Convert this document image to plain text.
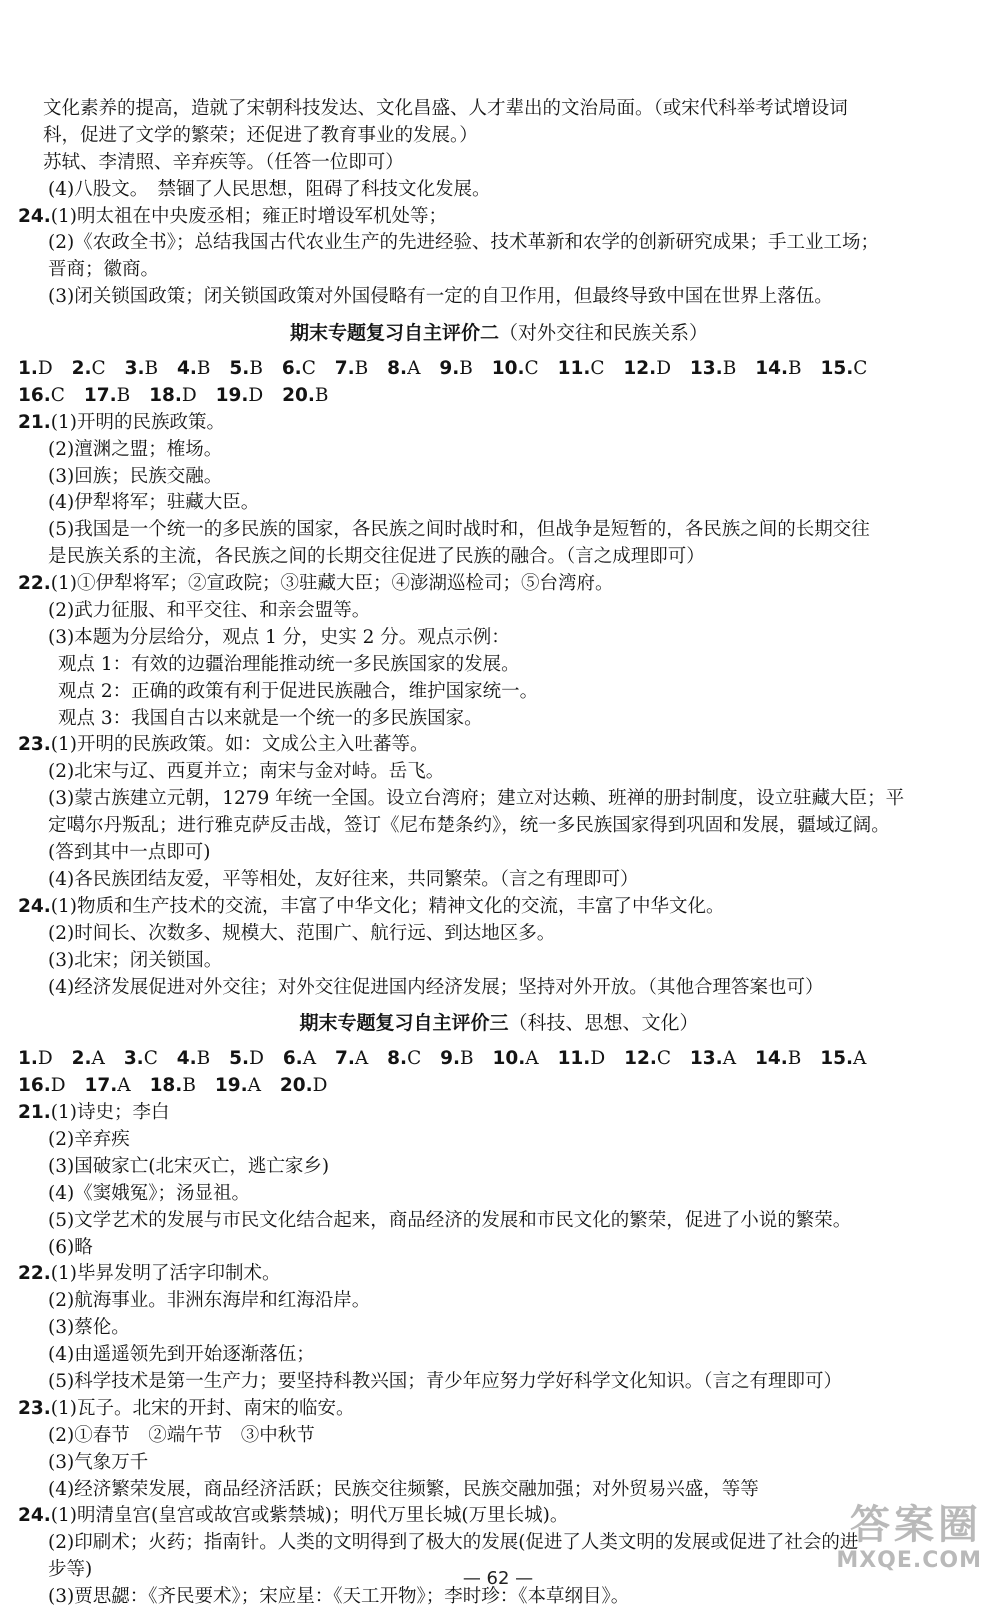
文化素养的提高，造就了宋朝科技发达、文化昌盛、人才辈出的文治局面。（或宋代科举考试增设词
科，促进了文学的繁荣；还促进了教育事业的发展。）
苏轼、李清照、辛弃疾等。（任答一位即可）
(4)八股文。　禁锢了人民思想，阻碍了科技文化发展。
24.(1)明太祖在中央废丞相；雍正时增设军机处等；
(2)《农政全书》；总结我国古代农业生产的先进经验、技术革新和农学的创新研究成果；手工业工场；
晋商；徽商。
(3)闭关锁国政策；闭关锁国政策对外国侵略有一定的自卫作用，但最终导致中国在世界上落伍。
期末专题复习自主评价二（对外交往和民族关系）
1.D 2.C 3.B 4.B 5.B 6.C 7.B 8.A 9.B 10.C 11.C 12.D 13.B 14.B 15.C
16.C 17.B 18.D 19.D 20.B
21.(1)开明的民族政策。
(2)澶渊之盟；榷场。
(3)回族；民族交融。
(4)伊犁将军；驻藏大臣。
(5)我国是一个统一的多民族的国家，各民族之间时战时和，但战争是短暂的，各民族之间的长期交往
是民族关系的主流，各民族之间的长期交往促进了民族的融合。（言之成理即可）
22.(1)①伊犁将军；②宣政院；③驻藏大臣；④澎湖巡检司；⑤台湾府。
(2)武力征服、和平交往、和亲会盟等。
(3)本题为分层给分，观点 1 分，史实 2 分。观点示例：
观点 1：有效的边疆治理能推动统一多民族国家的发展。
观点 2：正确的政策有利于促进民族融合，维护国家统一。
观点 3：我国自古以来就是一个统一的多民族国家。
23.(1)开明的民族政策。如：文成公主入吐蕃等。
(2)北宋与辽、西夏并立；南宋与金对峙。岳飞。
(3)蒙古族建立元朝，1279 年统一全国。设立台湾府；建立对达赖、班禅的册封制度，设立驻藏大臣；平
定噶尔丹叛乱；进行雅克萨反击战，签订《尼布楚条约》，统一多民族国家得到巩固和发展，疆域辽阔。
(答到其中一点即可)
(4)各民族团结友爱，平等相处，友好往来，共同繁荣。（言之有理即可）
24.(1)物质和生产技术的交流，丰富了中华文化；精神文化的交流，丰富了中华文化。
(2)时间长、次数多、规模大、范围广、航行远、到达地区多。
(3)北宋；闭关锁国。
(4)经济发展促进对外交往；对外交往促进国内经济发展；坚持对外开放。（其他合理答案也可）
期末专题复习自主评价三（科技、思想、文化）
1.D 2.A 3.C 4.B 5.D 6.A 7.A 8.C 9.B 10.A 11.D 12.C 13.A 14.B 15.A
16.D 17.A 18.B 19.A 20.D
21.(1)诗史；李白
(2)辛弃疾
(3)国破家亡(北宋灭亡，逃亡家乡)
(4)《窦娥冤》；汤显祖。
(5)文学艺术的发展与市民文化结合起来，商品经济的发展和市民文化的繁荣，促进了小说的繁荣。
(6)略
22.(1)毕昇发明了活字印制术。
(2)航海事业。非洲东海岸和红海沿岸。
(3)蔡伦。
(4)由遥遥领先到开始逐渐落伍；
(5)科学技术是第一生产力；要坚持科教兴国；青少年应努力学好科学文化知识。（言之有理即可）
23.(1)瓦子。北宋的开封、南宋的临安。
(2)①春节　②端午节　③中秋节
(3)气象万千
(4)经济繁荣发展，商品经济活跃；民族交往频繁，民族交融加强；对外贸易兴盛，等等
24.(1)明清皇宫(皇宫或故宫或紫禁城)；明代万里长城(万里长城)。
(2)印刷术；火药；指南针。人类的文明得到了极大的发展(促进了人类文明的发展或促进了社会的进
步等)
(3)贾思勰：《齐民要术》；宋应星：《天工开物》；李时珍：《本草纲目》。
— 62 —
答案圈
MXQE.COM
